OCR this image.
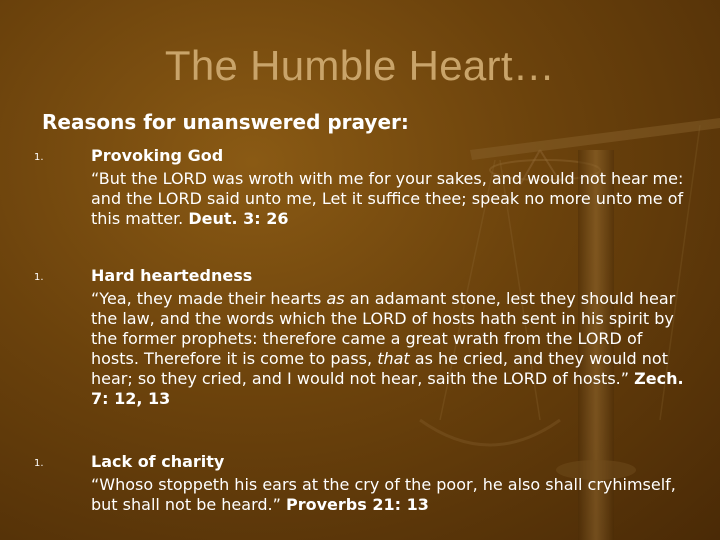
The Humble Heart…
Reasons for unanswered prayer:
1.	Provoking God

“But the LORD was wroth with me for your sakes, and would not hear me: and the LORD said unto me, Let it suffice thee; speak no more unto me of this matter. Deut. 3: 26

1.	Hard heartedness

“Yea, they made their hearts as an adamant stone, lest they should hear the law, and the words which the LORD of hosts hath sent in his spirit by the former prophets: therefore came a great wrath from the LORD of hosts. Therefore it is come to pass, that as he cried, and they would not hear; so they cried, and I would not hear, saith the LORD of hosts.” Zech. 7: 12, 13

1.	Lack of charity

“Whoso stoppeth his ears at the cry of the poor, he also shall cryhimself, but shall not be heard.” Proverbs 21: 13
